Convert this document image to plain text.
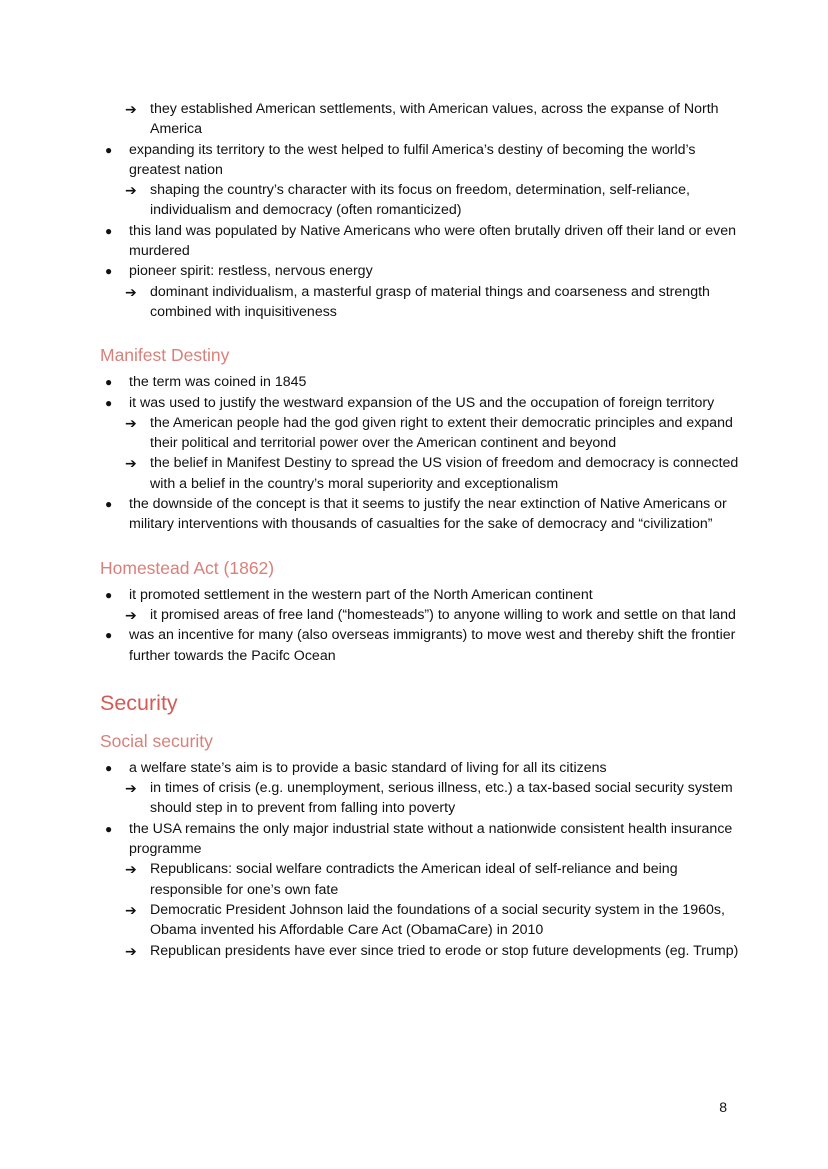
➔ they established American settlements, with American values, across the expanse of North America

● expanding its territory to the west helped to fulfil America’s destiny of becoming the world’s greatest nation

➔ shaping the country’s character with its focus on freedom, determination, self-reliance, individualism and democracy (often romanticized)

● this land was populated by Native Americans who were often brutally driven off their land or even murdered

● pioneer spirit: restless, nervous energy

➔ dominant individualism, a masterful grasp of material things and coarseness and strength combined with inquisitiveness

Manifest Destiny

● the term was coined in 1845

● it was used to justify the westward expansion of the US and the occupation of foreign territory

➔ the American people had the god given right to extent their democratic principles and expand their political and territorial power over the American continent and beyond

➔ the belief in Manifest Destiny to spread the US vision of freedom and democracy is connected with a belief in the country’s moral superiority and exceptionalism

● the downside of the concept is that it seems to justify the near extinction of Native Americans or military interventions with thousands of casualties for the sake of democracy and “civilization”

Homestead Act (1862)

● it promoted settlement in the western part of the North American continent

➔ it promised areas of free land (“homesteads”) to anyone willing to work and settle on that land

● was an incentive for many (also overseas immigrants) to move west and thereby shift the frontier further towards the Pacifc Ocean

Security
Social security

● a welfare state’s aim is to provide a basic standard of living for all its citizens

➔ in times of crisis (e.g. unemployment, serious illness, etc.) a tax-based social security system should step in to prevent from falling into poverty

● the USA remains the only major industrial state without a nationwide consistent health insurance programme

➔ Republicans: social welfare contradicts the American ideal of self-reliance and being responsible for one’s own fate

➔ Democratic President Johnson laid the foundations of a social security system in the 1960s, Obama invented his Affordable Care Act (ObamaCare) in 2010

➔ Republican presidents have ever since tried to erode or stop future developments (eg. Trump)

8
